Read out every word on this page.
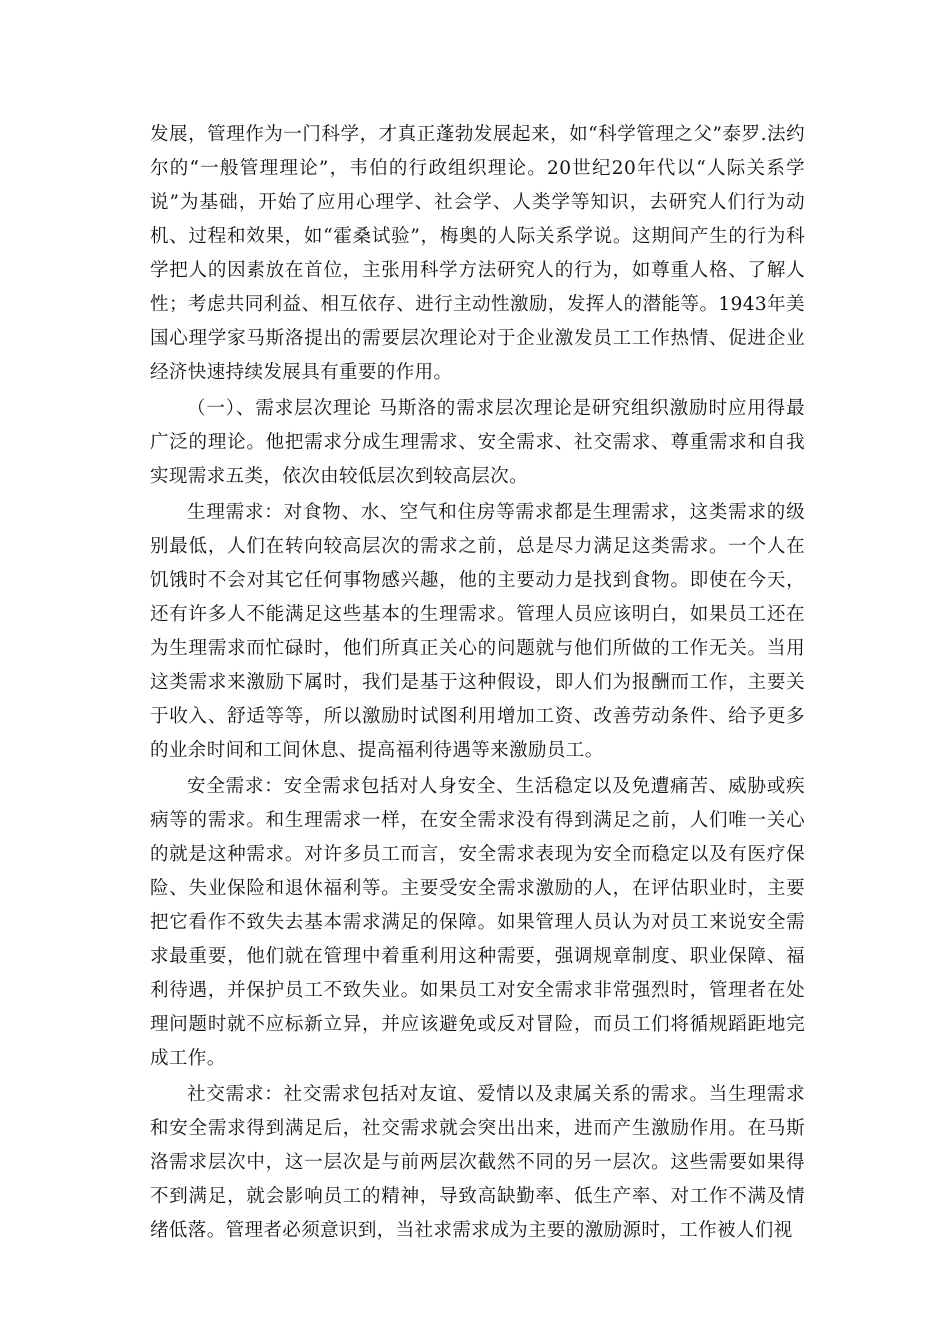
发展，管理作为一门科学，才真正蓬勃发展起来，如“科学管理之父”泰罗.法约尔的“一般管理理论”，韦伯的行政组织理论。20世纪20年代以“人际关系学说”为基础，开始了应用心理学、社会学、人类学等知识，去研究人们行为动机、过程和效果，如“霍桑试验”，梅奥的人际关系学说。这期间产生的行为科学把人的因素放在首位，主张用科学方法研究人的行为，如尊重人格、了解人性；考虑共同利益、相互依存、进行主动性激励，发挥人的潜能等。1943年美国心理学家马斯洛提出的需要层次理论对于企业激发员工工作热情、促进企业经济快速持续发展具有重要的作用。

（一）、需求层次理论 马斯洛的需求层次理论是研究组织激励时应用得最广泛的理论。他把需求分成生理需求、安全需求、社交需求、尊重需求和自我实现需求五类，依次由较低层次到较高层次。

生理需求：对食物、水、空气和住房等需求都是生理需求，这类需求的级别最低，人们在转向较高层次的需求之前，总是尽力满足这类需求。一个人在饥饿时不会对其它任何事物感兴趣，他的主要动力是找到食物。即使在今天，还有许多人不能满足这些基本的生理需求。管理人员应该明白，如果员工还在为生理需求而忙碌时，他们所真正关心的问题就与他们所做的工作无关。当用这类需求来激励下属时，我们是基于这种假设，即人们为报酬而工作，主要关于收入、舒适等等，所以激励时试图利用增加工资、改善劳动条件、给予更多的业余时间和工间休息、提高福利待遇等来激励员工。

安全需求：安全需求包括对人身安全、生活稳定以及免遭痛苦、威胁或疾病等的需求。和生理需求一样，在安全需求没有得到满足之前，人们唯一关心的就是这种需求。对许多员工而言，安全需求表现为安全而稳定以及有医疗保险、失业保险和退休福利等。主要受安全需求激励的人，在评估职业时，主要把它看作不致失去基本需求满足的保障。如果管理人员认为对员工来说安全需求最重要，他们就在管理中着重利用这种需要，强调规章制度、职业保障、福利待遇，并保护员工不致失业。如果员工对安全需求非常强烈时，管理者在处理问题时就不应标新立异，并应该避免或反对冒险，而员工们将循规蹈距地完成工作。

社交需求：社交需求包括对友谊、爱情以及隶属关系的需求。当生理需求和安全需求得到满足后，社交需求就会突出出来，进而产生激励作用。在马斯洛需求层次中，这一层次是与前两层次截然不同的另一层次。这些需要如果得不到满足，就会影响员工的精神，导致高缺勤率、低生产率、对工作不满及情绪低落。管理者必须意识到，当社求需求成为主要的激励源时，工作被人们视
